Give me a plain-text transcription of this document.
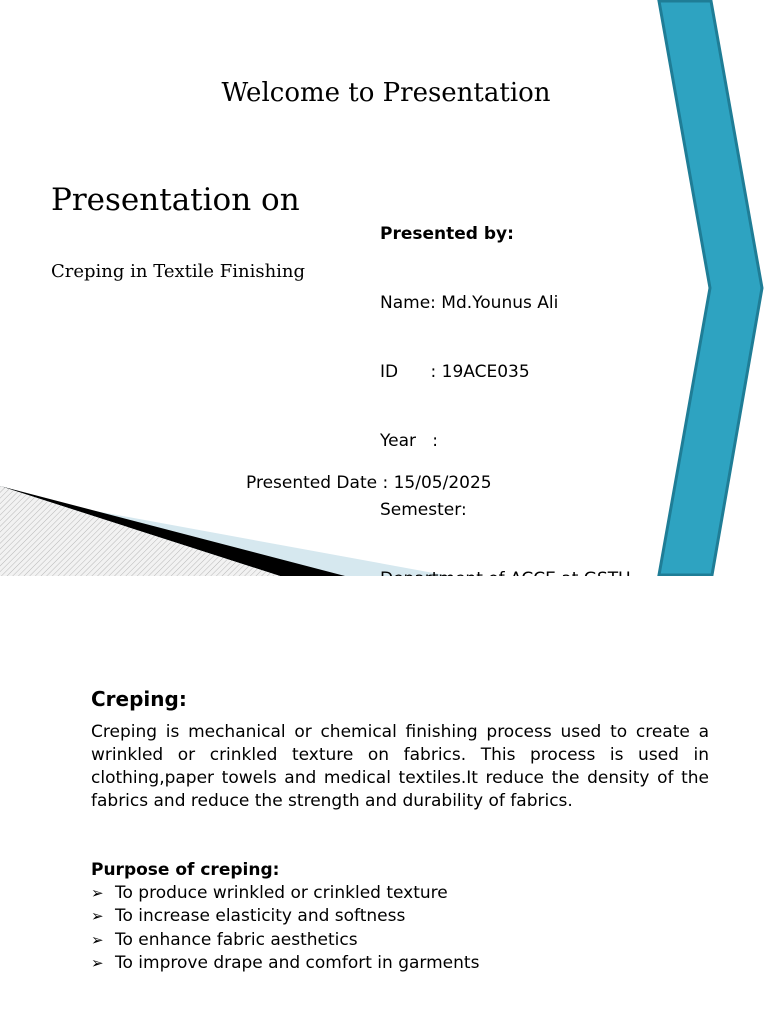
Welcome to Presentation
Presentation on
Creping in Textile Finishing

Presented by:

Name: Md.Younus Ali

ID      : 19ACE035

Year   :

Semester:

Presented Date : 15/05/2025
Creping:
Creping is mechanical or chemical finishing process used to create a wrinkled or crinkled texture on fabrics. This process is used in clothing,paper towels and medical textiles.It reduce the density of the fabrics and reduce the strength and durability of fabrics.
Purpose of creping:
➢ To produce wrinkled or crinkled texture
➢ To increase elasticity and softness
➢ To enhance fabric aesthetics
➢ To improve drape and comfort in garments
